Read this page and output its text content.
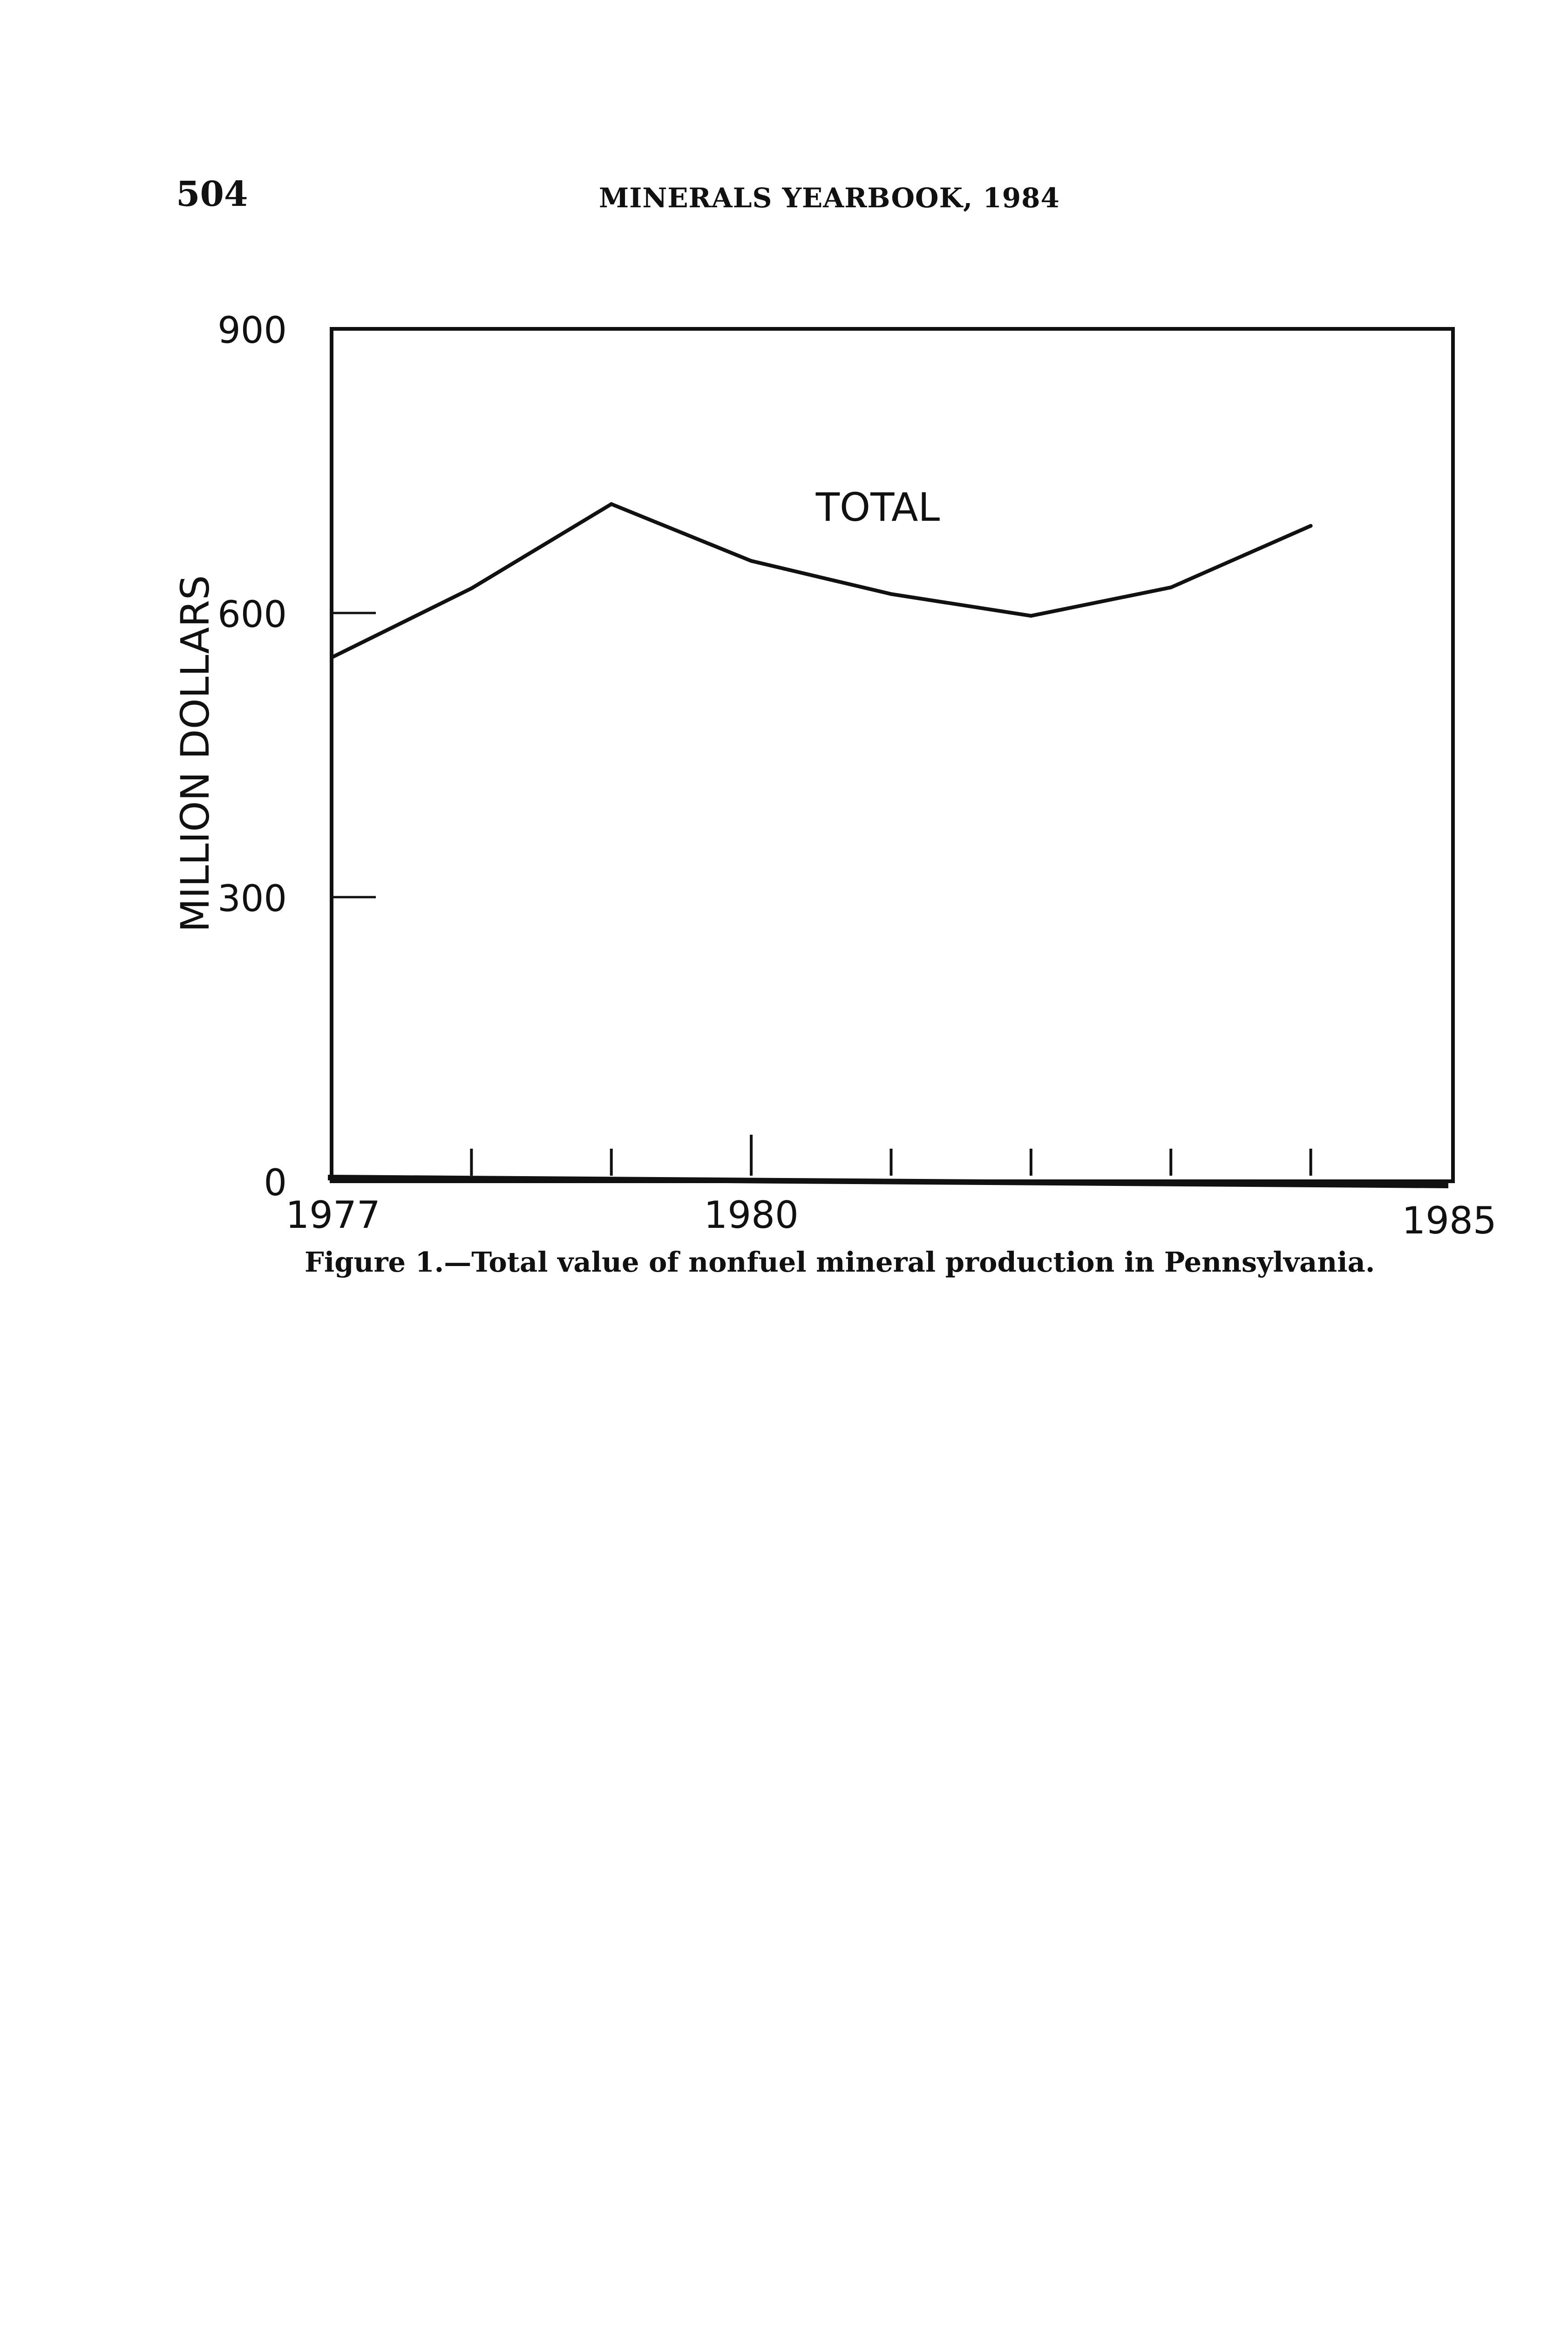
504	MINERALS YEARBOOK, 1984
0
300
600
900
1977	1980	1985
TOTAL
MILLION DOLLARS
Figure 1.—Total value of nonfuel mineral production in Pennsylvania.
